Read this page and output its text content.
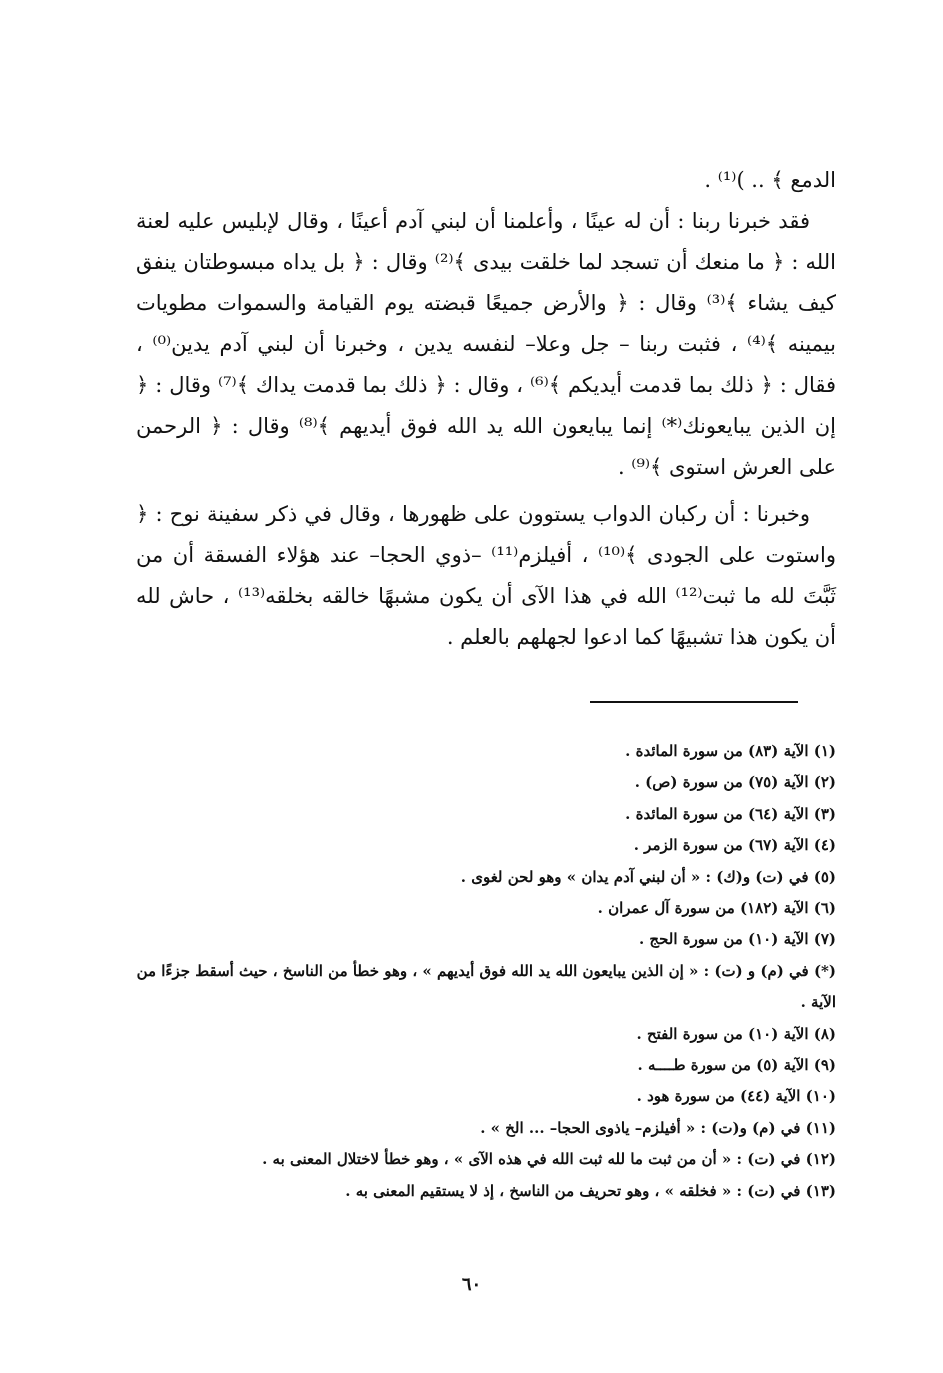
الدمع ﴾ .. )⁽¹⁾ .

فقد خبرنا ربنا : أن له عينًا ، وأعلمنا أن لبني آدم أعينًا ، وقال لإبليس عليه لعنة الله : ﴿ ما منعك أن تسجد لما خلقت بيدى ﴾⁽²⁾ وقال : ﴿ بل يداه مبسوطتان ينفق كيف يشاء ﴾⁽³⁾ وقال : ﴿ والأرض جميعًا قبضته يوم القيامة والسموات مطويات بيمينه ﴾⁽⁴⁾ ، فثبت ربنا – جل وعلا– لنفسه يدين ، وخبرنا أن لبني آدم يدين⁽⁰⁾ ، فقال : ﴿ ذلك بما قدمت أيديكم ﴾⁽⁶⁾ ، وقال : ﴿ ذلك بما قدمت يداك ﴾⁽⁷⁾ وقال : ﴿ إن الذين يبايعونك⁽*⁾ إنما يبايعون الله يد الله فوق أيديهم ﴾⁽⁸⁾ وقال : ﴿ الرحمن على العرش استوى ﴾⁽⁹⁾ .

وخبرنا : أن ركبان الدواب يستوون على ظهورها ، وقال في ذكر سفينة نوح : ﴿ واستوت على الجودى ﴾⁽¹⁰⁾ ، أفيلزم⁽¹¹⁾ –ذوي الحجا– عند هؤلاء الفسقة أن من ثَبَّتَ لله ما ثبت⁽¹²⁾ الله في هذا الآى أن يكون مشبهًا خالقه بخلقه⁽¹³⁾ ، حاش لله أن يكون هذا تشبيهًا كما ادعوا لجهلهم بالعلم .

(١) الآية (٨٣) من سورة المائدة .

(٢) الآية (٧٥) من سورة (ص) .

(٣) الآية (٦٤) من سورة المائدة .

(٤) الآية (٦٧) من سورة الزمر .

(٥) في (ت) و(ك) : « أن لبني آدم يدان » وهو لحن لغوى .

(٦) الآية (١٨٢) من سورة آل عمران .

(٧) الآية (١٠) من سورة الحج .

(*) في (م) و (ت) : « إن الذين يبايعون الله يد الله فوق أيديهم » ، وهو خطأ من الناسخ ، حيث أسقط جزءًا من الآية .

(٨) الآية (١٠) من سورة الفتح .

(٩) الآية (٥) من سورة طــــه .

(١٠) الآية (٤٤) من سورة هود .

(١١) في (م) و(ت) : « أفيلزم– ياذوى الحجا– ... الخ » .

(١٢) في (ت) : « أن من ثبت ما لله ثبت الله في هذه الآى » ، وهو خطأ لاختلال المعنى به .

(١٣) في (ت) : « فخلقه » ، وهو تحريف من الناسخ ، إذ لا يستقيم المعنى به .

٦٠
